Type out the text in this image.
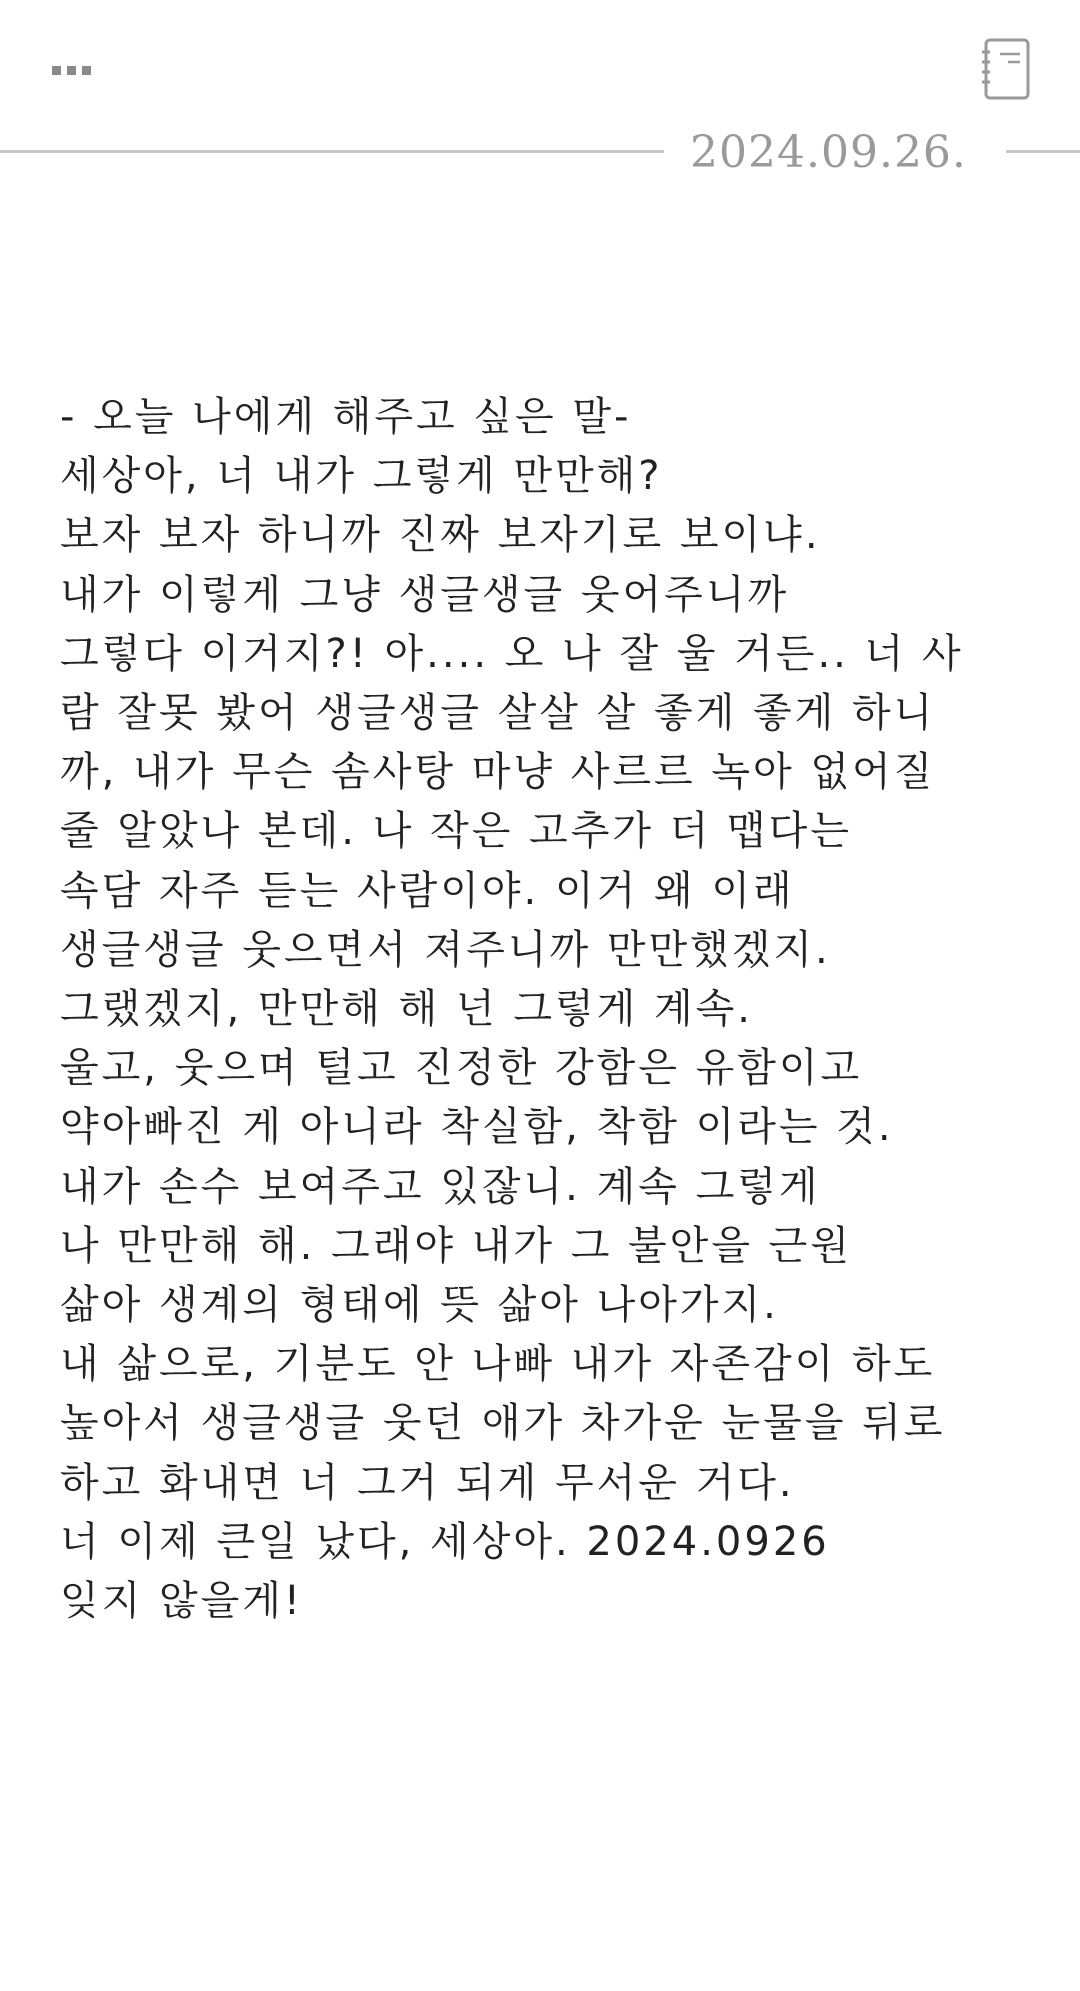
2024.09.26.

- 오늘 나에게 해주고 싶은 말-

세상아, 너 내가 그렇게 만만해?

보자 보자 하니까 진짜 보자기로 보이냐.

내가 이렇게 그냥 생글생글 웃어주니까

그렇다 이거지?! 아.... 오 나 잘 울 거든.. 너 사

람 잘못 봤어 생글생글 살살 살 좋게 좋게 하니

까, 내가 무슨 솜사탕 마냥 사르르 녹아 없어질

줄 알았나 본데. 나 작은 고추가 더 맵다는

속담 자주 듣는 사람이야. 이거 왜 이래

생글생글 웃으면서 져주니까 만만했겠지.

그랬겠지, 만만해 해 넌 그렇게 계속.

울고, 웃으며 털고 진정한 강함은 유함이고

약아빠진 게 아니라 착실함, 착함 이라는 것.

내가 손수 보여주고 있잖니. 계속 그렇게

나 만만해 해. 그래야 내가 그 불안을 근원

삶아 생계의 형태에 뜻 삶아 나아가지.

내 삶으로, 기분도 안 나빠 내가 자존감이 하도

높아서 생글생글 웃던 애가 차가운 눈물을 뒤로

하고 화내면 너 그거 되게 무서운 거다.

너 이제 큰일 났다, 세상아. 2024.0926

잊지 않을게!
